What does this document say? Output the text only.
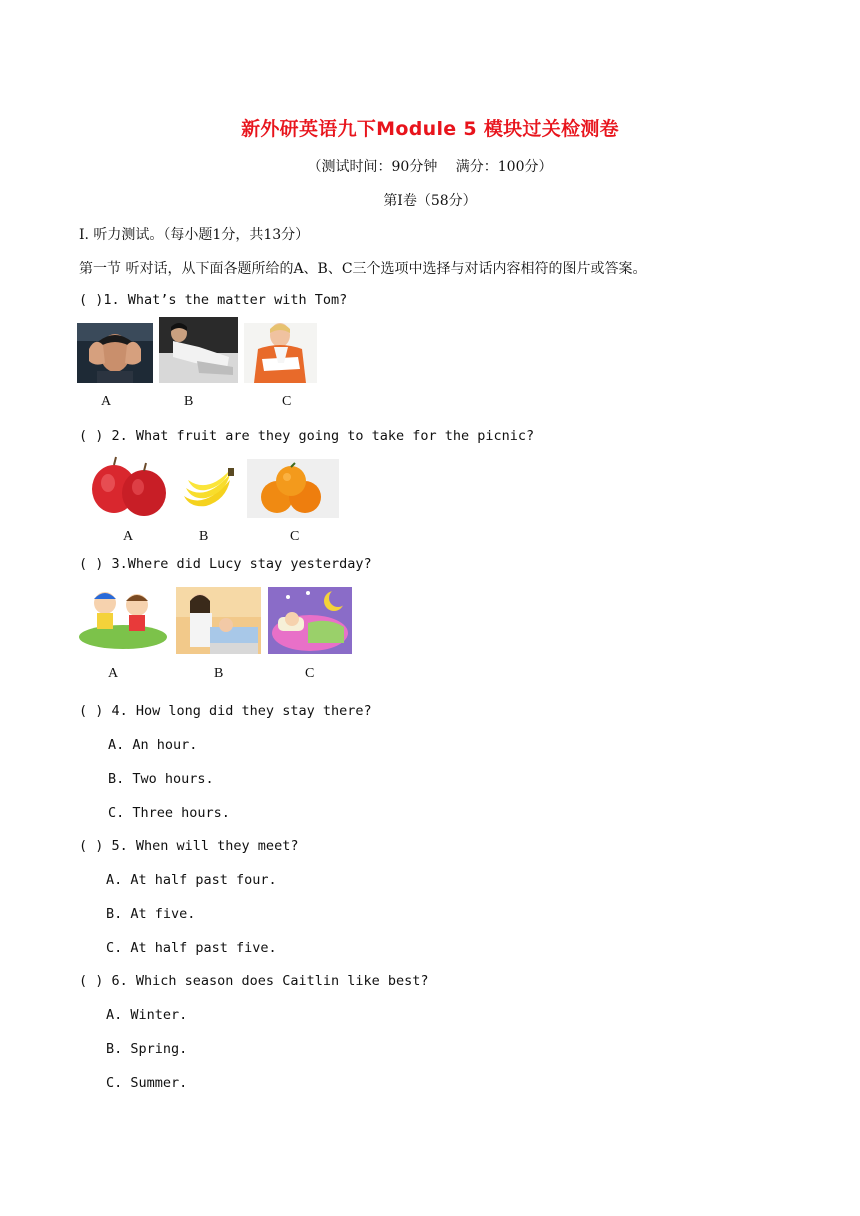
新外研英语九下Module 5 模块过关检测卷
（测试时间：90分钟　 满分：100分）
第Ⅰ卷（58分）
Ⅰ. 听力测试。（每小题1分，共13分）
第一节 听对话，从下面各题所给的A、B、C三个选项中选择与对话内容相符的图片或答案。
( )1. What’s the matter with Tom?
A	B	C
( ) 2. What fruit are they going to take for the picnic?
A	B	C
( ) 3.Where did Lucy stay yesterday?
A	B	C
( ) 4. How long did they stay there?
A. An hour.
B. Two hours.
C. Three hours.
( ) 5. When will they meet?
A. At half past four.
B. At five.
C. At half past five.
( ) 6. Which season does Caitlin like best?
A. Winter.
B. Spring.
C. Summer.
